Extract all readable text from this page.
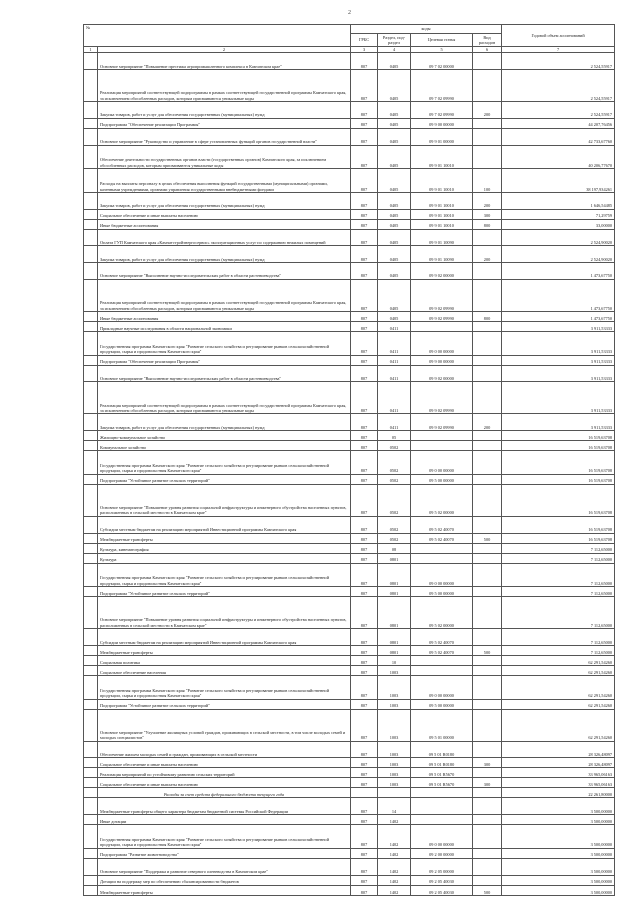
2
№		коды				Годовой объем ассигнований
		ГРБС	Раздел, под-раздел	Целевая статья	Вид расходов	
1	2	3	4	5	6	7
	Основное мероприятие "Повышение престижа агропромышленного комплекса в Камчатском крае"	807	0405	09 7 02 00000		2 524,55917
	Реализация мероприятий соответствующей подпрограммы в рамках соответствующей государственной программы Камчатского края, за исключением обособленных расходов, которым присваиваются уникальные коды	807	0405	09 7 02 09990		2 524,55917
	Закупка товаров, работ и услуг для обеспечения государственных (муниципальных) нужд	807	0405	09 7 02 09990	200	2 524,55917
	Подпрограмма "Обеспечение реализации Программы"	807	0405	09 9 00 00000		44 207,76456
	Основное мероприятие "Руководство и управление в сфере установленных функций органов государственной власти"	807	0405	09 9 01 00000		42 733,67760
	Обеспечение деятельности государственных органов власти (государственных органов) Камчатского края, за исключением обособленных расходов, которым присваиваются уникальные коды	807	0405	09 9 01 10010		40 206,77670
	Расходы на выплаты персоналу в целях обеспечения выполнения функций государственными (муниципальными) органами, казенными учреждениями, органами управления государственными внебюджетными фондами	807	0405	09 9 01 10010	100	38 197,934261
	Закупка товаров, работ и услуг для обеспечения государственных (муниципальных) нужд	807	0405	09 9 01 10010	200	1 646,54485
	Социальное обеспечение и иные выплаты населению	807	0405	09 9 01 10010	300	71,29759
	Иные бюджетные ассигнования	807	0405	09 9 01 10010	800	33,00000
	Оплата ГУП Камчатского края «Камчатстройэнергосервис» эксплуатационных услуг по содержанию нежилых помещений	807	0405	09 9 01 10090		2 524,90020
	Закупка товаров, работ и услуг для обеспечения государственных (муниципальных) нужд	807	0405	09 9 01 10090	200	2 524,90020
	Основное мероприятие "Выполнение научно-исследовательских работ в области растениеводства"	807	0405	09 9 02 00000		1 473,67750
	Реализация мероприятий соответствующей подпрограммы в рамках соответствующей государственной программы Камчатского края, за исключением обособленных расходов, которым присваиваются уникальные коды	807	0405	09 9 02 09990		1 473,67750
	Иные бюджетные ассигнования	807	0405	09 9 02 09990	800	1 473,67750
	Прикладные научные исследования в области национальной экономики	807	0411			3 911,53333
	Государственная программа Камчатского края "Развитие сельского хозяйства и регулирование рынков сельскохозяйственной продукции, сырья и продовольствия Камчатского края"	807	0411	09 0 00 00000		3 911,53333
	Подпрограмма "Обеспечение реализации Программы"	807	0411	09 9 00 00000		3 911,53333
	Основное мероприятие "Выполнение научно-исследовательских работ в области растениеводства"	807	0411	09 9 02 00000		3 911,53333
	Реализация мероприятий соответствующей подпрограммы в рамках соответствующей государственной программы Камчатского края, за исключением обособленных расходов, которым присваиваются уникальные коды	807	0411	09 9 02 09990		3 911,53333
	Закупка товаров, работ и услуг для обеспечения государственных (муниципальных) нужд	807	0411	09 9 02 09990	200	3 911,53333
	Жилищно-коммунальное хозяйство	807	05			16 519,63708
	Коммунальное хозяйство	807	0502			16 519,63708
	Государственная программа Камчатского края "Развитие сельского хозяйства и регулирование рынков сельскохозяйственной продукции, сырья и продовольствия Камчатского края"	807	0502	09 0 00 00000		16 519,63708
	Подпрограмма "Устойчивое развитие сельских территорий"	807	0502	09 5 00 00000		16 519,63708
	Основное мероприятие "Повышение уровня развития социальной инфраструктуры и инженерного обустройства населенных пунктов, расположенных в сельской местности в Камчатском крае"	807	0502	09 5 02 00000		16 519,63708
	Субсидии местным бюджетам на реализацию мероприятий Инвестиционной программы Камчатского края	807	0502	09 5 02 40070		16 519,63708
	Межбюджетные трансферты	807	0502	09 5 02 40070	500	16 519,63708
	Культура, кинематография	807	08			7 112,65000
	Культура	807	0801			7 112,65000
	Государственная программа Камчатского края "Развитие сельского хозяйства и регулирование рынков сельскохозяйственной продукции, сырья и продовольствия Камчатского края"	807	0801	09 0 00 00000		7 112,65000
	Подпрограмма "Устойчивое развитие сельских территорий"	807	0801	09 5 00 00000		7 112,65000
	Основное мероприятие "Повышение уровня развития социальной инфраструктуры и инженерного обустройства населенных пунктов, расположенных в сельской местности в Камчатском крае"	807	0801	09 5 02 00000		7 112,65000
	Субсидии местным бюджетам на реализацию мероприятий Инвестиционной программы Камчатского края	807	0801	09 5 02 40070		7 112,65000
	Межбюджетные трансферты	807	0801	09 5 02 40070	500	7 112,65000
	Социальная политика	807	10			62 291,54260
	Социальное обеспечение населения	807	1003			62 291,54260
	Государственная программа Камчатского края "Развитие сельского хозяйства и регулирование рынков сельскохозяйственной продукции, сырья и продовольствия Камчатского края"	807	1003	09 0 00 00000		62 291,54260
	Подпрограмма "Устойчивое развитие сельских территорий"	807	1003	09 5 00 00000		62 291,54260
	Основное мероприятие "Улучшение жилищных условий граждан, проживающих в сельской местности, в том числе молодых семей и молодых специалистов"	807	1003	09 5 01 00000		62 291,54260
	Обеспечение жильем молодых семей и граждан, проживающих в сельской местности	807	1003	09 5 01 R0180		28 326,48097
	Социальное обеспечение и иные выплаты населению	807	1003	09 5 01 R0180	300	28 326,48097
	Реализация мероприятий по устойчивому развитию сельских территорий	807	1003	09 5 01 R5670		33 965,06163
	Социальное обеспечение и иные выплаты населению	807	1003	09 5 01 R5670	300	33 965,06163
	Расходы за счет средств федерального бюджета текущего года					22 261,80000
	Межбюджетные трансферты общего характера бюджетам бюджетной системы Российской Федерации	807	14			3 500,00000
	Иные дотации	807	1402			3 500,00000
	Государственная программа Камчатского края "Развитие сельского хозяйства и регулирование рынков сельскохозяйственной продукции, сырья и продовольствия Камчатского края"	807	1402	09 0 00 00000		3 500,00000
	Подпрограмма "Развитие животноводства"	807	1402	09 2 00 00000		3 500,00000
	Основное мероприятие "Поддержка и развитие северного оленеводства в Камчатском крае"	807	1402	09 2 05 00000		3 500,00000
	Дотации на поддержку мер по обеспечению сбалансированности бюджетов	807	1402	09 2 05 40030		3 500,00000
	Межбюджетные трансферты	807	1402	09 2 05 40030	500	3 500,00000
